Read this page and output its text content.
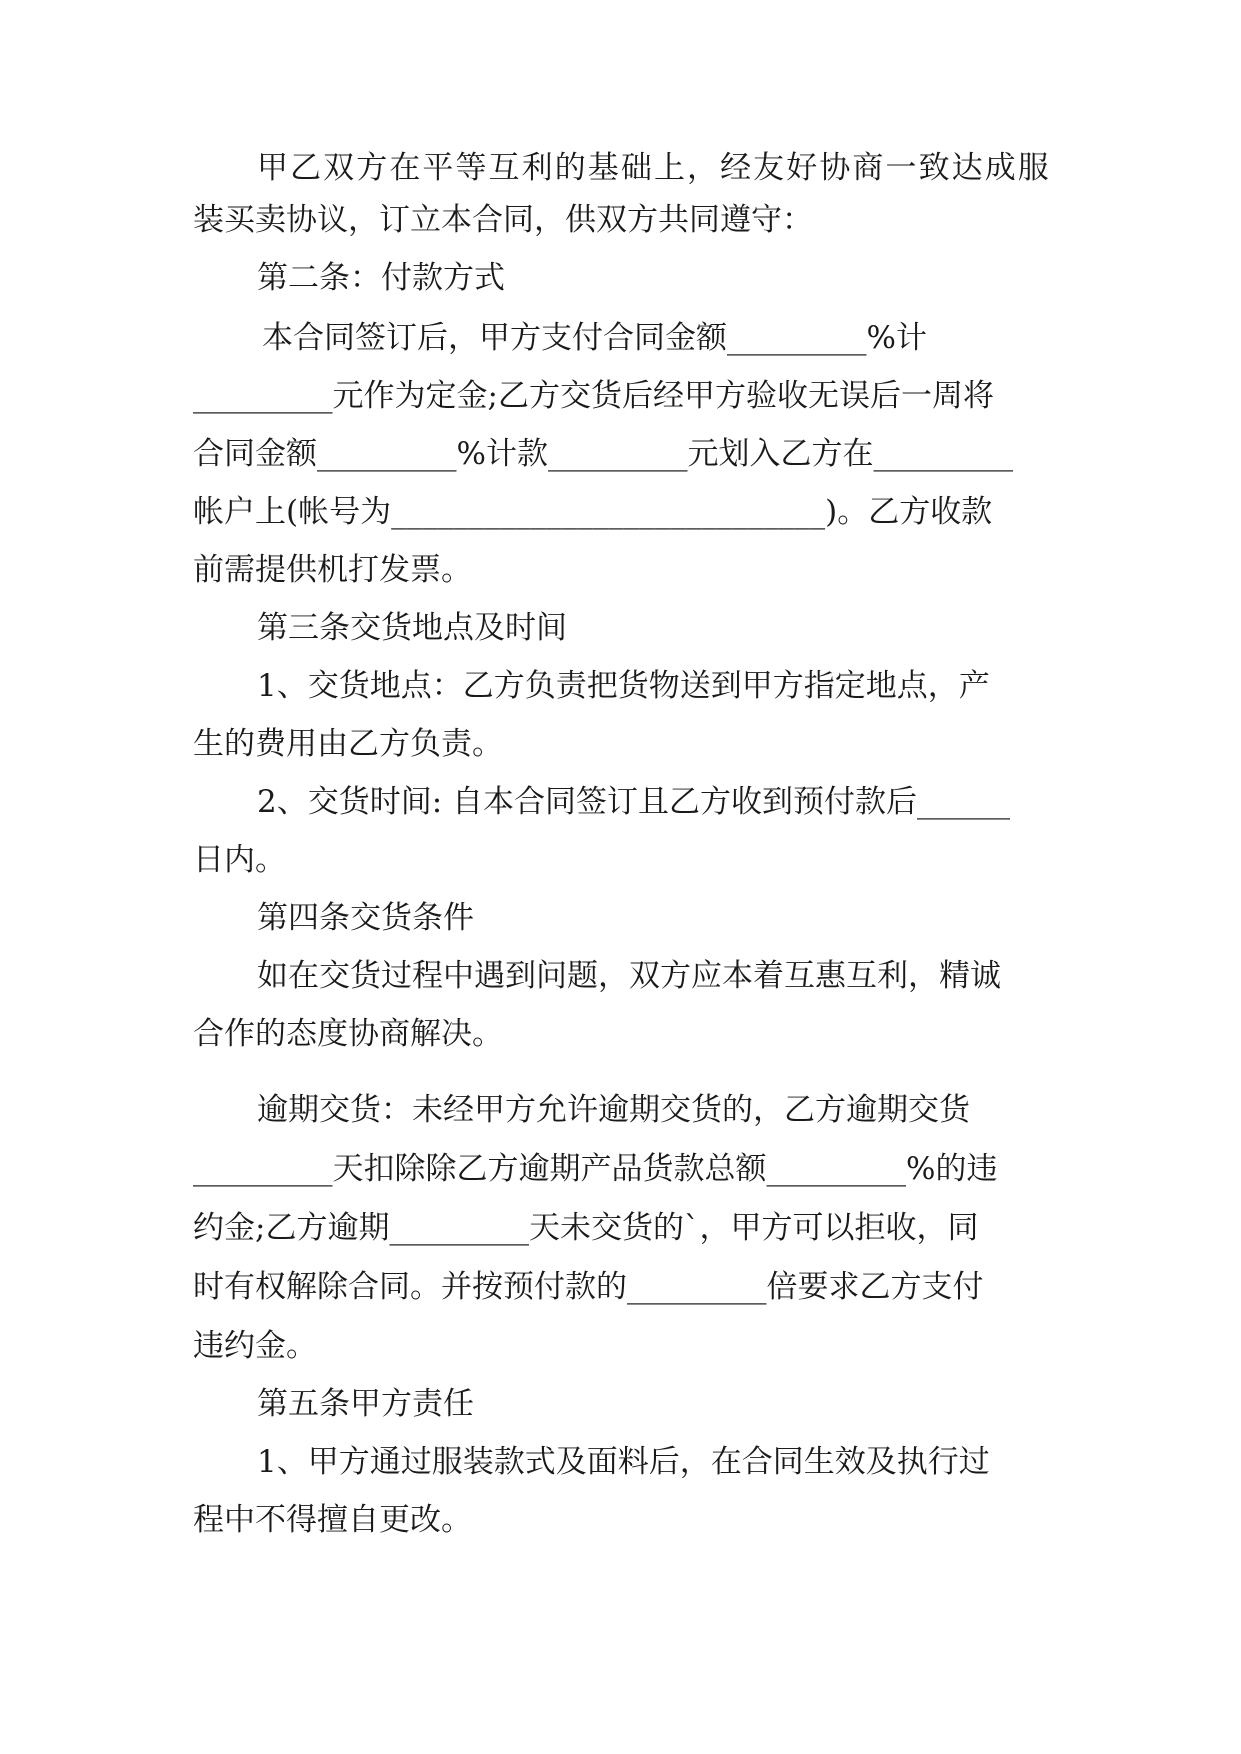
甲 乙 双 方 在 平 等 互 利 的 基 础 上 ， 经 友 好 协 商 一 致 达 成 服
装买卖协议，订立本合同，供双方共同遵守：
第二条：付款方式
本合同签订后，甲方支付合同金额_________%计
_________元作为定金;乙方交货后经甲方验收无误后一周将
合同金额_________%计款_________元划入乙方在_________
帐户上(帐号为____________________________)。乙方收款
前需提供机打发票。
第三条交货地点及时间
1、交货地点：乙方负责把货物送到甲方指定地点，产
生的费用由乙方负责。
2、交货时间: 自本合同签订且乙方收到预付款后______
日内。
第四条交货条件
如在交货过程中遇到问题，双方应本着互惠互利，精诚
合作的态度协商解决。
逾期交货：未经甲方允许逾期交货的，乙方逾期交货
_________天扣除除乙方逾期产品货款总额_________%的违
约金;乙方逾期_________天未交货的`，甲方可以拒收，同
时有权解除合同。并按预付款的_________倍要求乙方支付
违约金。
第五条甲方责任
1、甲方通过服装款式及面料后，在合同生效及执行过
程中不得擅自更改。
